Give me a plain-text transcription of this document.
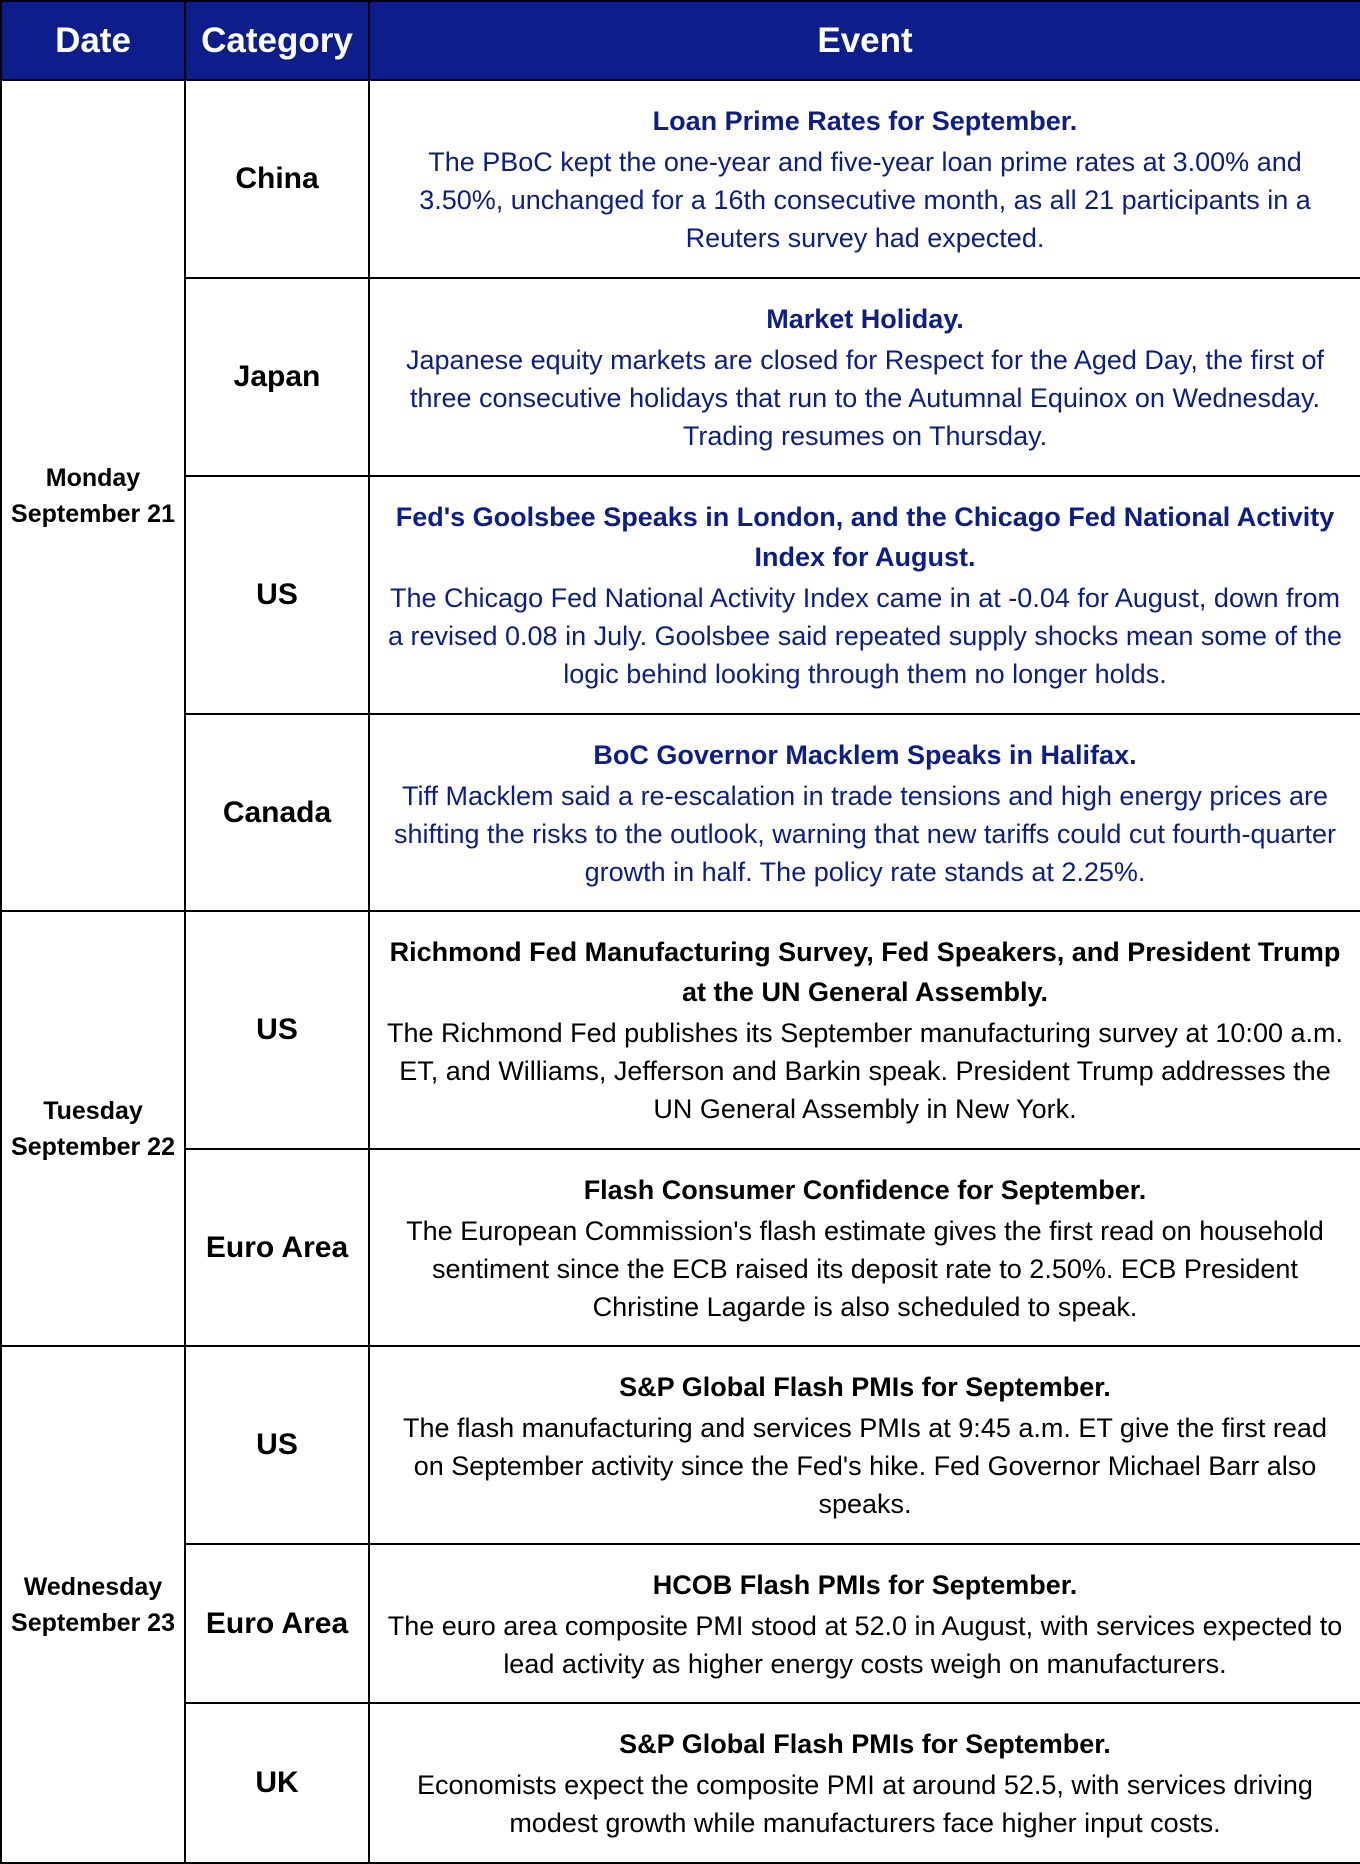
Date	Category	Event
Monday
September 21	China	Loan Prime Rates for September.
The PBoC kept the one-year and five-year loan prime rates at 3.00% and 3.50%, unchanged for a 16th consecutive month, as all 21 participants in a Reuters survey had expected.

	Japan	Market Holiday.
Japanese equity markets are closed for Respect for the Aged Day, the first of three consecutive holidays that run to the Autumnal Equinox on Wednesday. Trading resumes on Thursday.

	US	Fed's Goolsbee Speaks in London, and the Chicago Fed National Activity Index for August.
The Chicago Fed National Activity Index came in at -0.04 for August, down from a revised 0.08 in July. Goolsbee said repeated supply shocks mean some of the logic behind looking through them no longer holds.

	Canada	BoC Governor Macklem Speaks in Halifax.
Tiff Macklem said a re-escalation in trade tensions and high energy prices are shifting the risks to the outlook, warning that new tariffs could cut fourth-quarter growth in half. The policy rate stands at 2.25%.

Tuesday
September 22	US	Richmond Fed Manufacturing Survey, Fed Speakers, and President Trump at the UN General Assembly.
The Richmond Fed publishes its September manufacturing survey at 10:00 a.m. ET, and Williams, Jefferson and Barkin speak. President Trump addresses the UN General Assembly in New York.

	Euro Area	Flash Consumer Confidence for September.
The European Commission's flash estimate gives the first read on household sentiment since the ECB raised its deposit rate to 2.50%. ECB President Christine Lagarde is also scheduled to speak.

Wednesday
September 23	US	S&P Global Flash PMIs for September.
The flash manufacturing and services PMIs at 9:45 a.m. ET give the first read on September activity since the Fed's hike. Fed Governor Michael Barr also speaks.

	Euro Area	HCOB Flash PMIs for September.
The euro area composite PMI stood at 52.0 in August, with services expected to lead activity as higher energy costs weigh on manufacturers.

	UK	S&P Global Flash PMIs for September.
Economists expect the composite PMI at around 52.5, with services driving modest growth while manufacturers face higher input costs.
